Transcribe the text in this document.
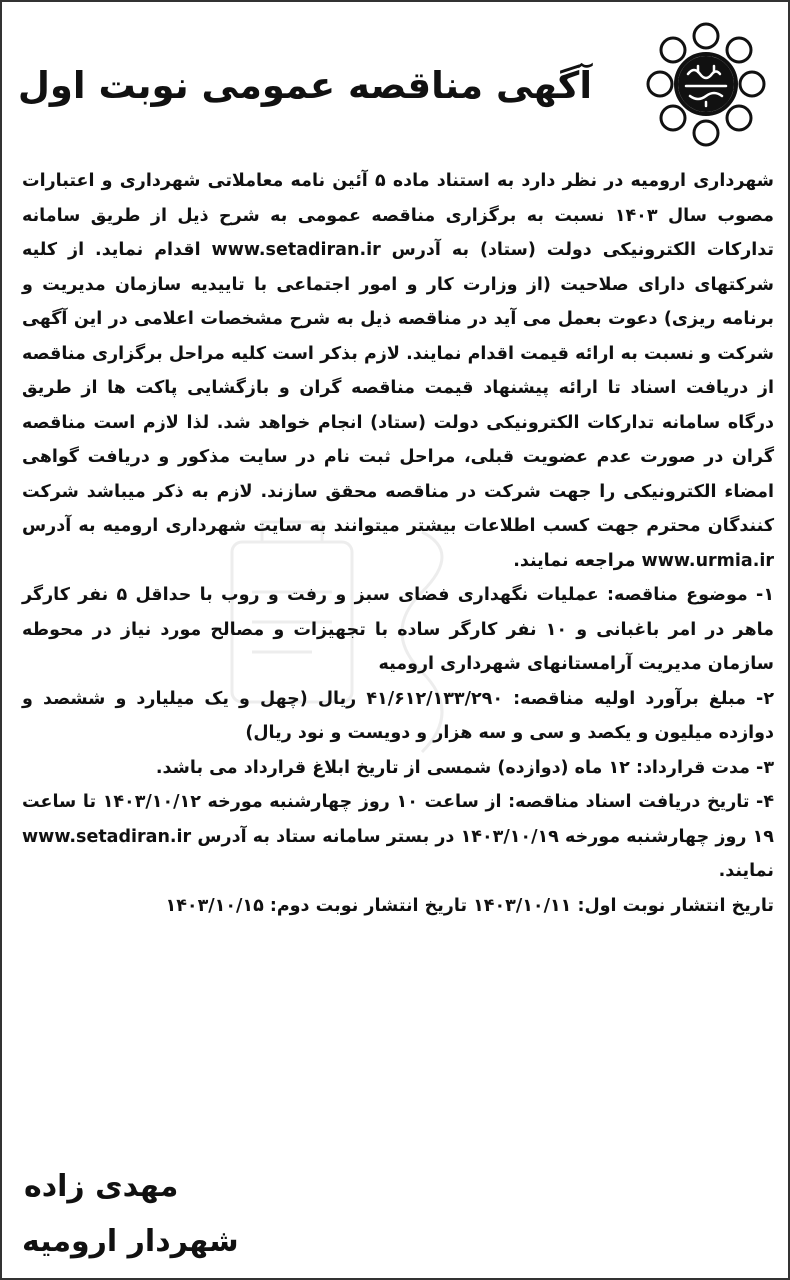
آگهی مناقصه عمومی نوبت اول

شهرداری ارومیه در نظر دارد به استناد ماده ۵ آئین نامه معاملاتی شهرداری و اعتبارات مصوب سال ۱۴۰۳ نسبت به برگزاری مناقصه عمومی به شرح ذیل از طریق سامانه تدارکات الکترونیکی دولت (ستاد) به آدرس www.setadiran.ir اقدام نماید. از کلیه شرکتهای دارای صلاحیت (از وزارت کار و امور اجتماعی با تاییدیه سازمان مدیریت و برنامه ریزی) دعوت بعمل می آید در مناقصه ذیل به شرح مشخصات اعلامی در این آگهی شرکت و نسبت به ارائه قیمت اقدام نمایند. لازم بذکر است کلیه مراحل برگزاری مناقصه از دریافت اسناد تا ارائه پیشنهاد قیمت مناقصه گران و بازگشایی پاکت ها از طریق درگاه سامانه تدارکات الکترونیکی دولت (ستاد) انجام خواهد شد. لذا لازم است مناقصه گران در صورت عدم عضویت قبلی، مراحل ثبت نام در سایت مذکور و دریافت گواهی امضاء الکترونیکی را جهت شرکت در مناقصه محقق سازند. لازم به ذکر میباشد شرکت کنندگان محترم جهت کسب اطلاعات بیشتر میتوانند به سایت شهرداری ارومیه به آدرس www.urmia.ir مراجعه نمایند.

۱- موضوع مناقصه: عملیات نگهداری فضای سبز و رفت و روب با حداقل ۵ نفر کارگر ماهر در امر باغبانی و ۱۰ نفر کارگر ساده با تجهیزات و مصالح مورد نیاز در محوطه سازمان مدیریت آرامستانهای شهرداری ارومیه

۲- مبلغ برآورد اولیه مناقصه: ۴۱/۶۱۲/۱۳۳/۲۹۰ ریال (چهل و یک میلیارد و ششصد و دوازده میلیون و یکصد و سی و سه هزار و دویست و نود ریال)

۳- مدت قرارداد: ۱۲ ماه (دوازده) شمسی از تاریخ ابلاغ قرارداد می باشد.

۴- تاریخ دریافت اسناد مناقصه: از ساعت ۱۰ روز چهارشنبه مورخه ۱۴۰۳/۱۰/۱۲ تا ساعت ۱۹ روز چهارشنبه مورخه ۱۴۰۳/۱۰/۱۹ در بستر سامانه ستاد به آدرس www.setadiran.ir نمایند.

تاریخ انتشار نوبت اول: ۱۴۰۳/۱۰/۱۱ تاریخ انتشار نوبت دوم: ۱۴۰۳/۱۰/۱۵

مهدی زاده
شهردار ارومیه
